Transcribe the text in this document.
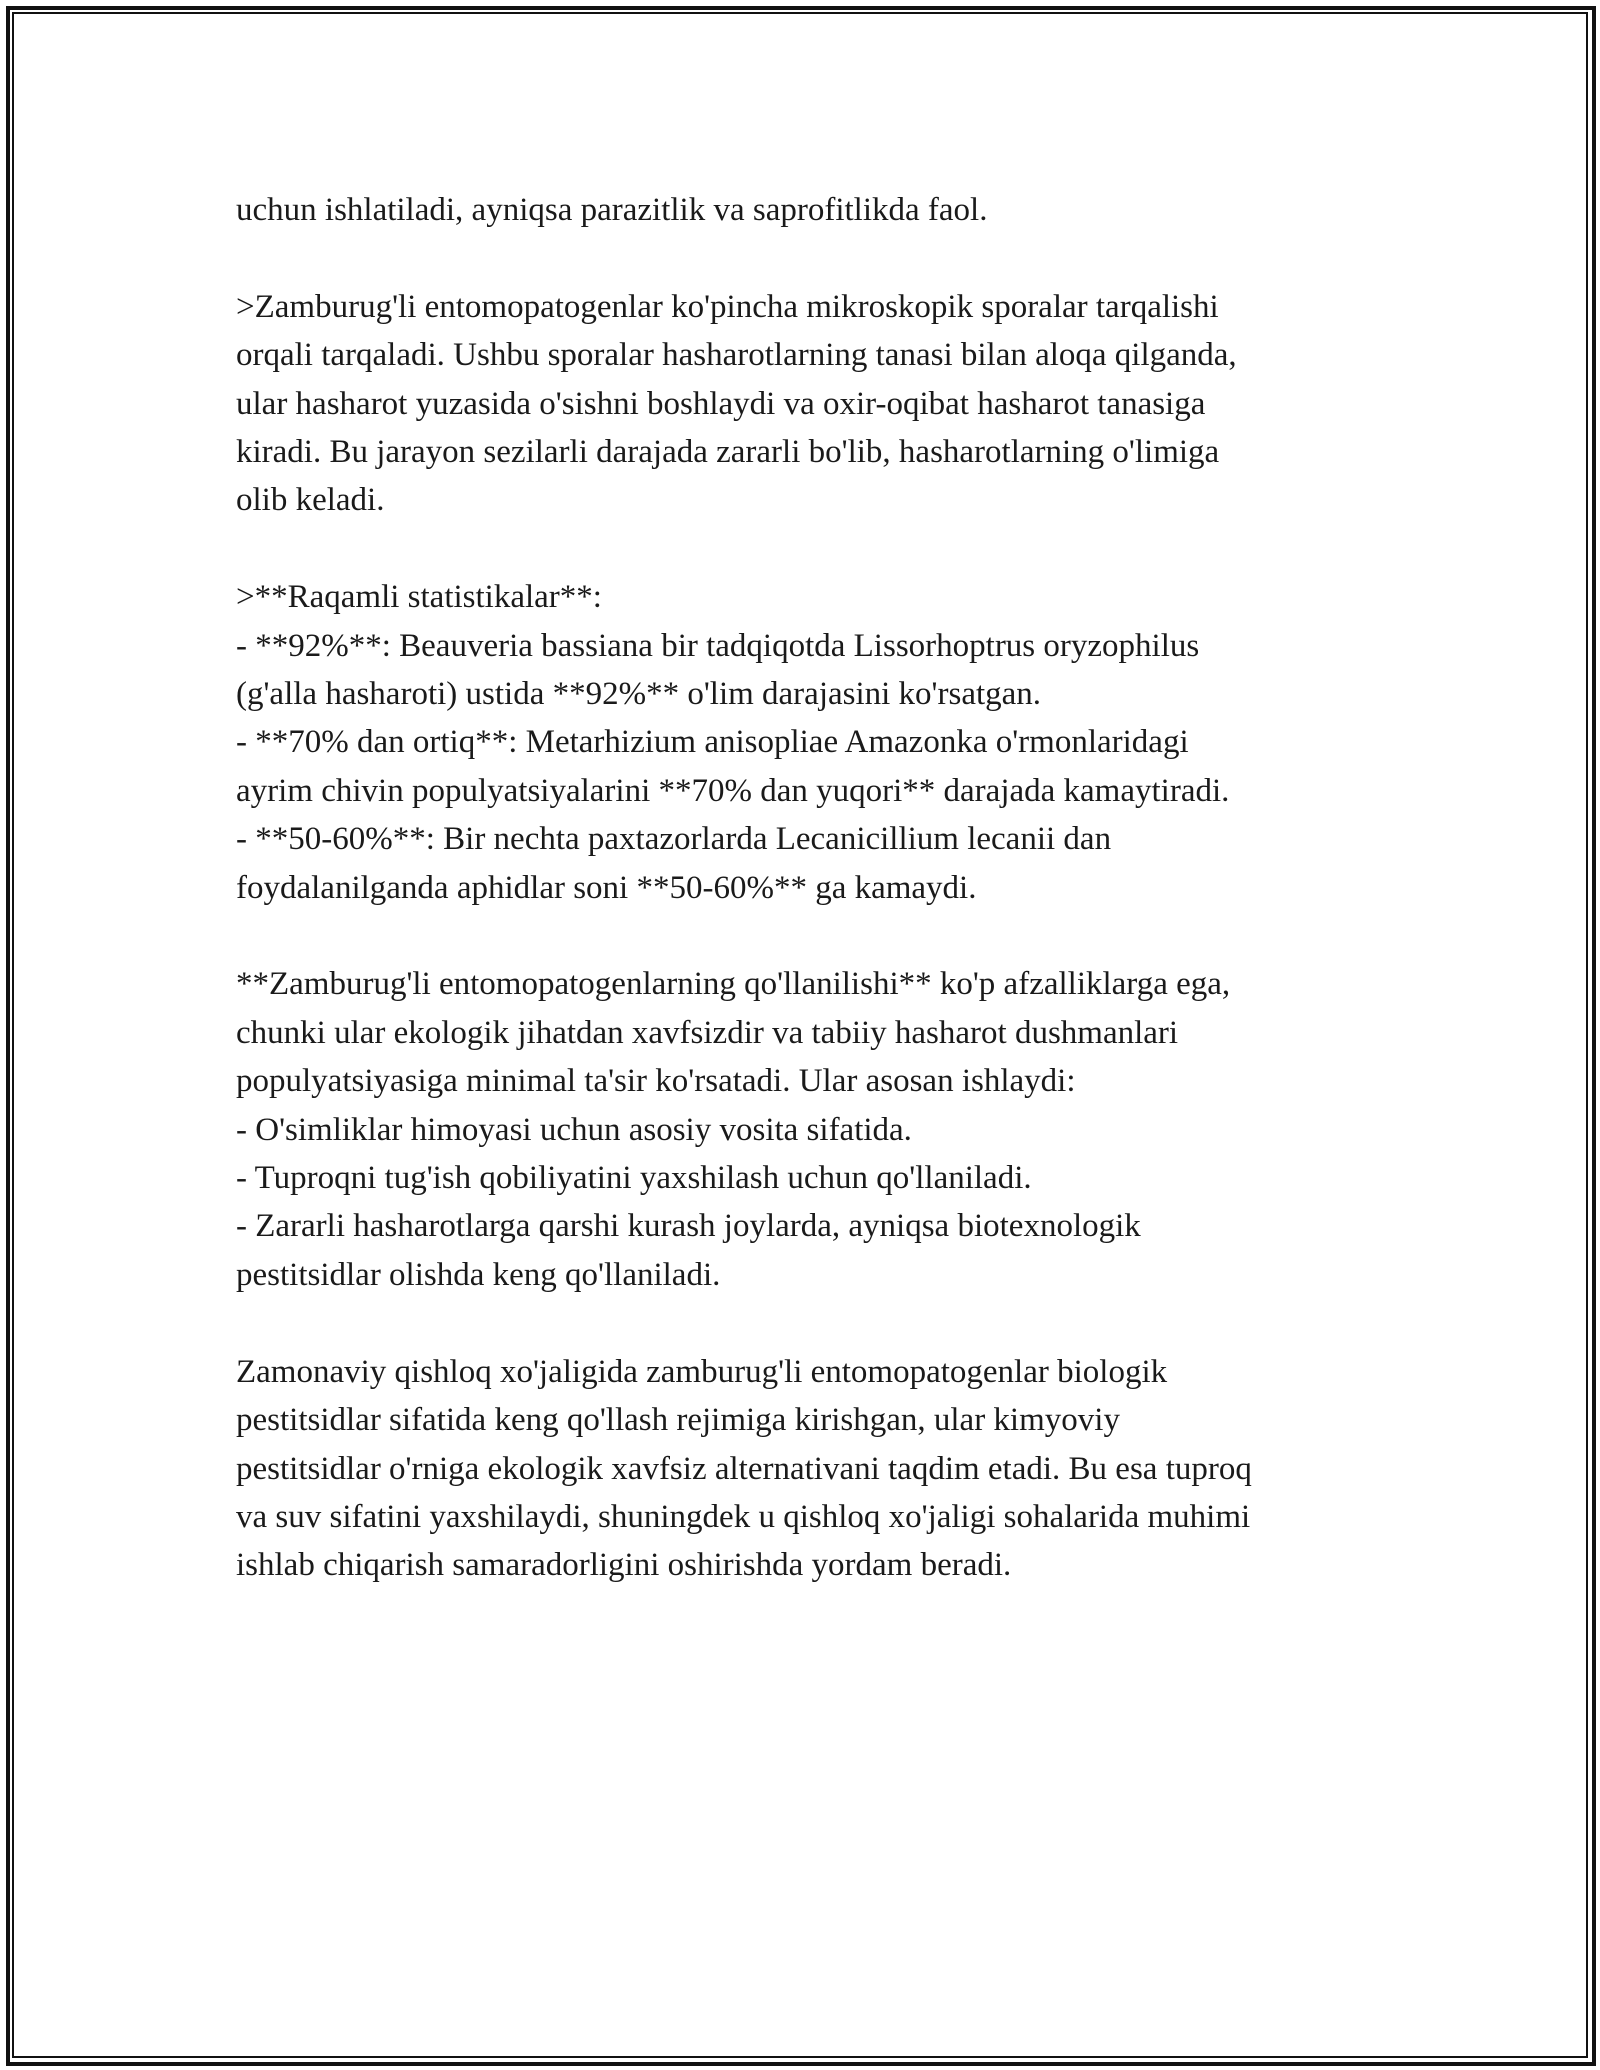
uchun ishlatiladi, ayniqsa parazitlik va saprofitlikda faol.

>Zamburug'li entomopatogenlar ko'pincha mikroskopik sporalar tarqalishi
orqali tarqaladi. Ushbu sporalar hasharotlarning tanasi bilan aloqa qilganda,
ular hasharot yuzasida o'sishni boshlaydi va oxir-oqibat hasharot tanasiga
kiradi. Bu jarayon sezilarli darajada zararli bo'lib, hasharotlarning o'limiga
olib keladi.

>**Raqamli statistikalar**:
- **92%**: Beauveria bassiana bir tadqiqotda Lissorhoptrus oryzophilus
(g'alla hasharoti) ustida **92%** o'lim darajasini ko'rsatgan.
- **70% dan ortiq**: Metarhizium anisopliae Amazonka o'rmonlaridagi
ayrim chivin populyatsiyalarini **70% dan yuqori** darajada kamaytiradi.
- **50-60%**: Bir nechta paxtazorlarda Lecanicillium lecanii dan
foydalanilganda aphidlar soni **50-60%** ga kamaydi.

**Zamburug'li entomopatogenlarning qo'llanilishi** ko'p afzalliklarga ega,
chunki ular ekologik jihatdan xavfsizdir va tabiiy hasharot dushmanlari
populyatsiyasiga minimal ta'sir ko'rsatadi. Ular asosan ishlaydi:
- O'simliklar himoyasi uchun asosiy vosita sifatida.
- Tuproqni tug'ish qobiliyatini yaxshilash uchun qo'llaniladi.
- Zararli hasharotlarga qarshi kurash joylarda, ayniqsa biotexnologik
pestitsidlar olishda keng qo'llaniladi.

Zamonaviy qishloq xo'jaligida zamburug'li entomopatogenlar biologik
pestitsidlar sifatida keng qo'llash rejimiga kirishgan, ular kimyoviy
pestitsidlar o'rniga ekologik xavfsiz alternativani taqdim etadi. Bu esa tuproq
va suv sifatini yaxshilaydi, shuningdek u qishloq xo'jaligi sohalarida muhimi
ishlab chiqarish samaradorligini oshirishda yordam beradi.
